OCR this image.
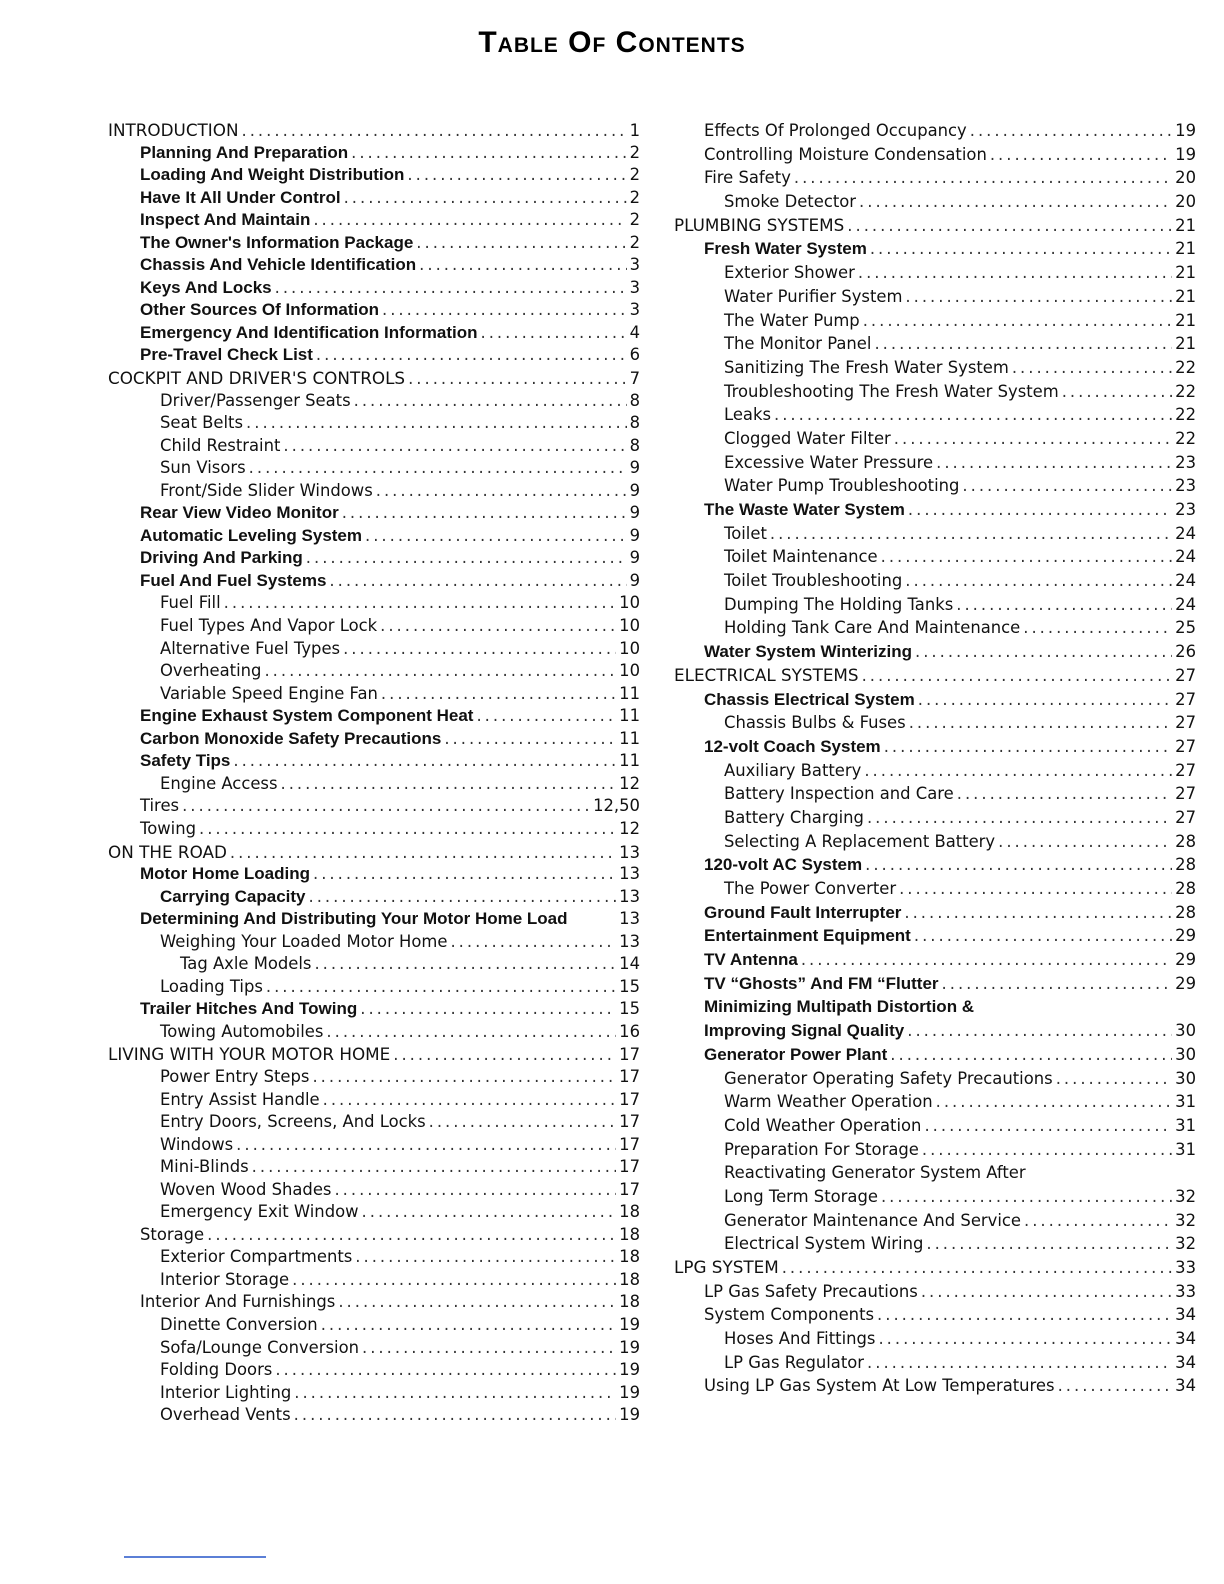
Table Of Contents
INTRODUCTION .....	1
Planning And Preparation .....	2
Loading And Weight Distribution .....	2
Have It All Under Control .....	2
Inspect And Maintain .....	2
The Owner's Information Package .....	2
Chassis And Vehicle Identification .....	3
Keys And Locks .....	3
Other Sources Of Information .....	3
Emergency And Identification Information .....	4
Pre-Travel Check List .....	6
COCKPIT AND DRIVER'S CONTROLS .....	7
Driver/Passenger Seats .....	8
Seat Belts .....	8
Child Restraint .....	8
Sun Visors .....	9
Front/Side Slider Windows .....	9
Rear View Video Monitor .....	9
Automatic Leveling System .....	9
Driving And Parking .....	9
Fuel And Fuel Systems .....	9
Fuel Fill .....	10
Fuel Types And Vapor Lock .....	10
Alternative Fuel Types .....	10
Overheating .....	10
Variable Speed Engine Fan .....	11
Engine Exhaust System Component Heat .....	11
Carbon Monoxide Safety Precautions .....	11
Safety Tips .....	11
Engine Access .....	12
Tires .....	12,50
Towing .....	12
ON THE ROAD .....	13
Motor Home Loading .....	13
Carrying Capacity .....	13
Determining And Distributing Your Motor Home Load	13
Weighing Your Loaded Motor Home .....	13
Tag Axle Models .....	14
Loading Tips .....	15
Trailer Hitches And Towing .....	15
Towing Automobiles .....	16
LIVING WITH YOUR MOTOR HOME .....	17
Power Entry Steps .....	17
Entry Assist Handle .....	17
Entry Doors, Screens, And Locks .....	17
Windows .....	17
Mini-Blinds .....	17
Woven Wood Shades .....	17
Emergency Exit Window .....	18
Storage .....	18
Exterior Compartments .....	18
Interior Storage .....	18
Interior And Furnishings .....	18
Dinette Conversion .....	19
Sofa/Lounge Conversion .....	19
Folding Doors .....	19
Interior Lighting .....	19
Overhead Vents .....	19
Effects Of Prolonged Occupancy .....	19
Controlling Moisture Condensation .....	19
Fire Safety .....	20
Smoke Detector .....	20
PLUMBING SYSTEMS .....	21
Fresh Water System .....	21
Exterior Shower .....	21
Water Purifier System .....	21
The Water Pump .....	21
The Monitor Panel .....	21
Sanitizing The Fresh Water System .....	22
Troubleshooting The Fresh Water System .....	22
Leaks .....	22
Clogged Water Filter .....	22
Excessive Water Pressure .....	23
Water Pump Troubleshooting .....	23
The Waste Water System .....	23
Toilet .....	24
Toilet Maintenance .....	24
Toilet Troubleshooting .....	24
Dumping The Holding Tanks .....	24
Holding Tank Care And Maintenance .....	25
Water System Winterizing .....	26
ELECTRICAL SYSTEMS .....	27
Chassis Electrical System .....	27
Chassis Bulbs & Fuses .....	27
12-volt Coach System .....	27
Auxiliary Battery .....	27
Battery Inspection and Care .....	27
Battery Charging .....	27
Selecting A Replacement Battery .....	28
120-volt AC System .....	28
The Power Converter .....	28
Ground Fault Interrupter .....	28
Entertainment Equipment .....	29
TV Antenna .....	29
TV “Ghosts” And FM “Flutter .....	29
Minimizing Multipath Distortion &
Improving Signal Quality .....	30
Generator Power Plant .....	30
Generator Operating Safety Precautions .....	30
Warm Weather Operation .....	31
Cold Weather Operation .....	31
Preparation For Storage .....	31
Reactivating Generator System After
Long Term Storage .....	32
Generator Maintenance And Service .....	32
Electrical System Wiring .....	32
LPG SYSTEM .....	33
LP Gas Safety Precautions .....	33
System Components .....	34
Hoses And Fittings .....	34
LP Gas Regulator .....	34
Using LP Gas System At Low Temperatures .....	34
